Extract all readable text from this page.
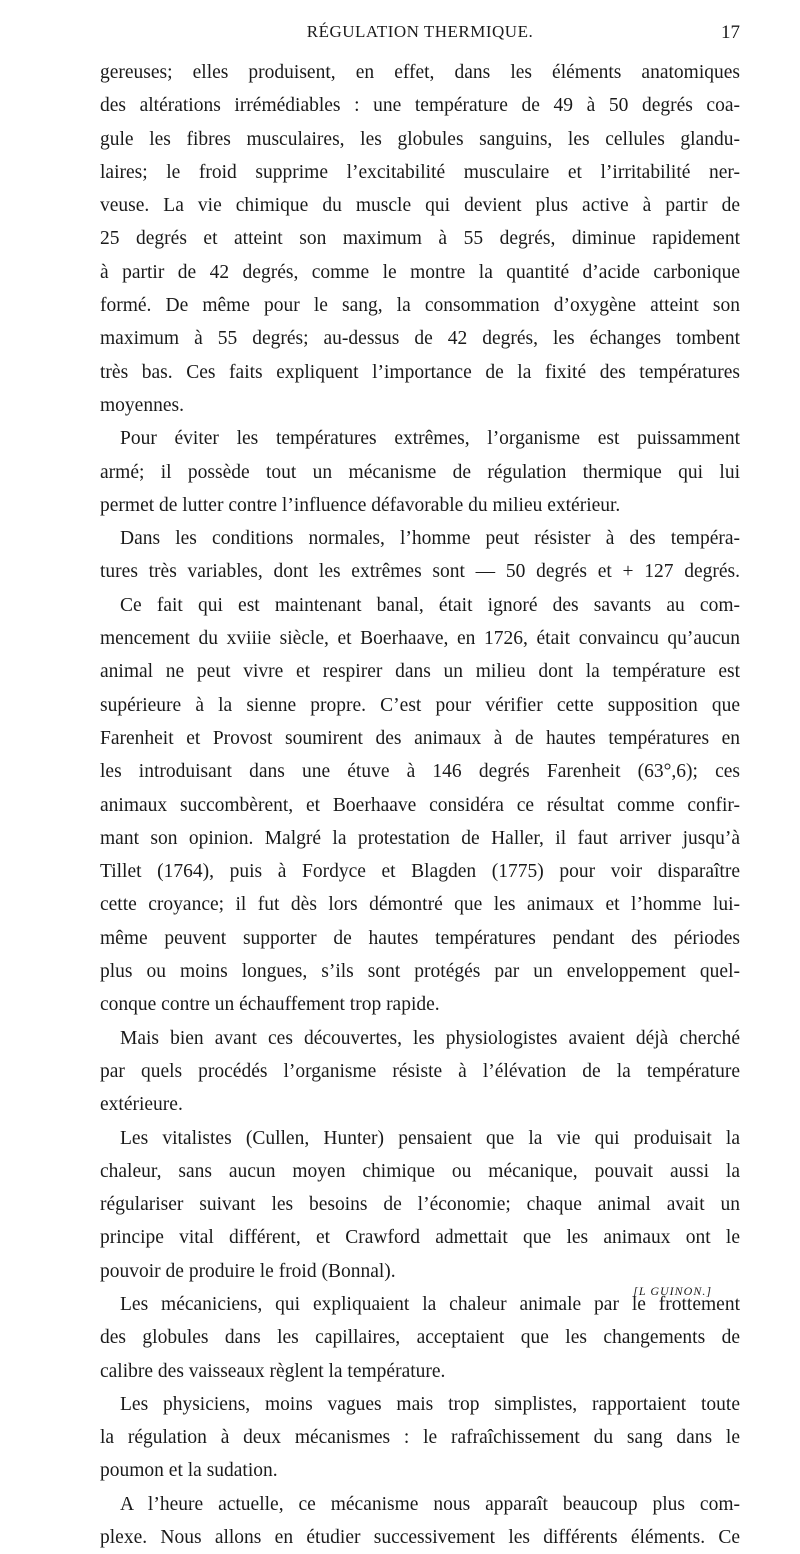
RÉGULATION THERMIQUE.	17
gereuses; elles produisent, en effet, dans les éléments anatomiques
des altérations irrémédiables : une température de 49 à 50 degrés coa-
gule les fibres musculaires, les globules sanguins, les cellules glandu-
laires; le froid supprime l’excitabilité musculaire et l’irritabilité ner-
veuse. La vie chimique du muscle qui devient plus active à partir de
25 degrés et atteint son maximum à 55 degrés, diminue rapidement
à partir de 42 degrés, comme le montre la quantité d’acide carbonique
formé. De même pour le sang, la consommation d’oxygène atteint son
maximum à 55 degrés; au-dessus de 42 degrés, les échanges tombent
très bas. Ces faits expliquent l’importance de la fixité des températures
moyennes.
Pour éviter les températures extrêmes, l’organisme est puissamment
armé; il possède tout un mécanisme de régulation thermique qui lui
permet de lutter contre l’influence défavorable du milieu extérieur.
Dans les conditions normales, l’homme peut résister à des tempéra-
tures très variables, dont les extrêmes sont — 50 degrés et + 127 degrés.
Ce fait qui est maintenant banal, était ignoré des savants au com-
mencement du xviiie siècle, et Boerhaave, en 1726, était convaincu qu’aucun
animal ne peut vivre et respirer dans un milieu dont la température est
supérieure à la sienne propre. C’est pour vérifier cette supposition que
Farenheit et Provost soumirent des animaux à de hautes températures en
les introduisant dans une étuve à 146 degrés Farenheit (63°,6); ces
animaux succombèrent, et Boerhaave considéra ce résultat comme confir-
mant son opinion. Malgré la protestation de Haller, il faut arriver jusqu’à
Tillet (1764), puis à Fordyce et Blagden (1775) pour voir disparaître
cette croyance; il fut dès lors démontré que les animaux et l’homme lui-
même peuvent supporter de hautes températures pendant des périodes
plus ou moins longues, s’ils sont protégés par un enveloppement quel-
conque contre un échauffement trop rapide.
Mais bien avant ces découvertes, les physiologistes avaient déjà cherché
par quels procédés l’organisme résiste à l’élévation de la température
extérieure.
Les vitalistes (Cullen, Hunter) pensaient que la vie qui produisait la
chaleur, sans aucun moyen chimique ou mécanique, pouvait aussi la
régulariser suivant les besoins de l’économie; chaque animal avait un
principe vital différent, et Crawford admettait que les animaux ont le
pouvoir de produire le froid (Bonnal).
Les mécaniciens, qui expliquaient la chaleur animale par le frottement
des globules dans les capillaires, acceptaient que les changements de
calibre des vaisseaux règlent la température.
Les physiciens, moins vagues mais trop simplistes, rapportaient toute
la régulation à deux mécanismes : le rafraîchissement du sang dans le
poumon et la sudation.
A l’heure actuelle, ce mécanisme nous apparaît beaucoup plus com-
plexe. Nous allons en étudier successivement les différents éléments. Ce
[L GUINON.]
